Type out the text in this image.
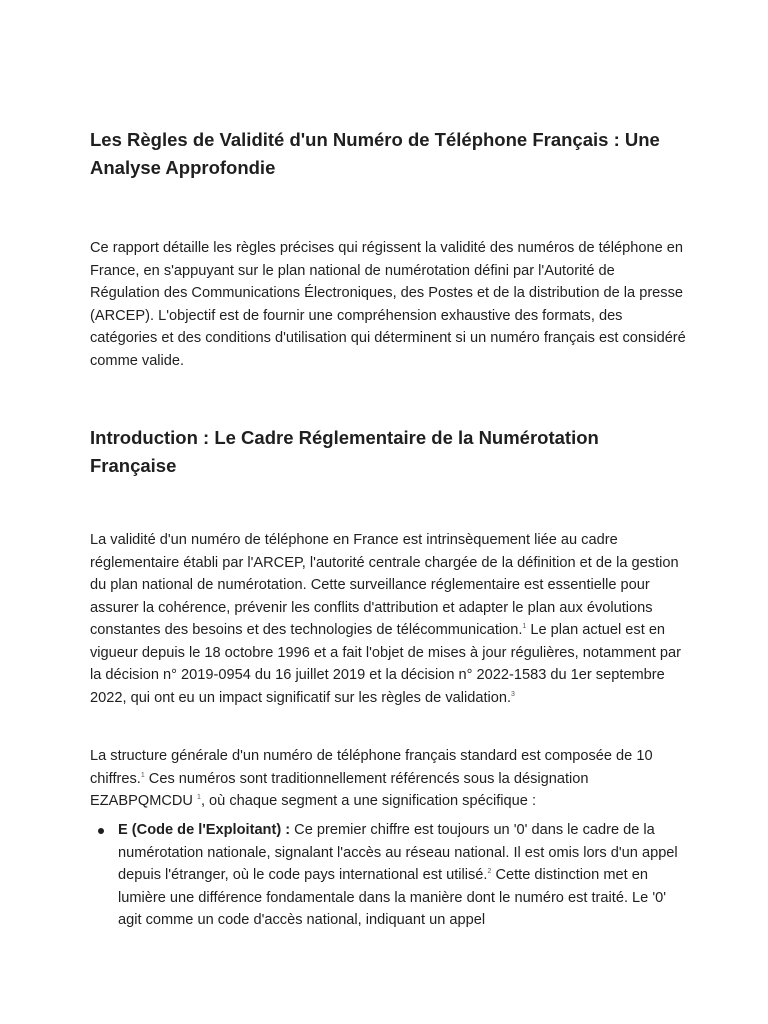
Les Règles de Validité d'un Numéro de Téléphone Français : Une Analyse Approfondie

Ce rapport détaille les règles précises qui régissent la validité des numéros de téléphone en France, en s'appuyant sur le plan national de numérotation défini par l'Autorité de Régulation des Communications Électroniques, des Postes et de la distribution de la presse (ARCEP). L'objectif est de fournir une compréhension exhaustive des formats, des catégories et des conditions d'utilisation qui déterminent si un numéro français est considéré comme valide.

Introduction : Le Cadre Réglementaire de la Numérotation Française

La validité d'un numéro de téléphone en France est intrinsèquement liée au cadre réglementaire établi par l'ARCEP, l'autorité centrale chargée de la définition et de la gestion du plan national de numérotation. Cette surveillance réglementaire est essentielle pour assurer la cohérence, prévenir les conflits d'attribution et adapter le plan aux évolutions constantes des besoins et des technologies de télécommunication.$^1$ Le plan actuel est en vigueur depuis le 18 octobre 1996 et a fait l'objet de mises à jour régulières, notamment par la décision n° 2019-0954 du 16 juillet 2019 et la décision n° 2022-1583 du 1er septembre 2022, qui ont eu un impact significatif sur les règles de validation.$^3$

La structure générale d'un numéro de téléphone français standard est composée de 10 chiffres.$^1$ Ces numéros sont traditionnellement référencés sous la désignation EZABPQMCDU $^1$, où chaque segment a une signification spécifique :

E (Code de l'Exploitant) : Ce premier chiffre est toujours un '0' dans le cadre de la numérotation nationale, signalant l'accès au réseau national. Il est omis lors d'un appel depuis l'étranger, où le code pays international est utilisé.$^2$ Cette distinction met en lumière une différence fondamentale dans la manière dont le numéro est traité. Le '0' agit comme un code d'accès national, indiquant un appel
